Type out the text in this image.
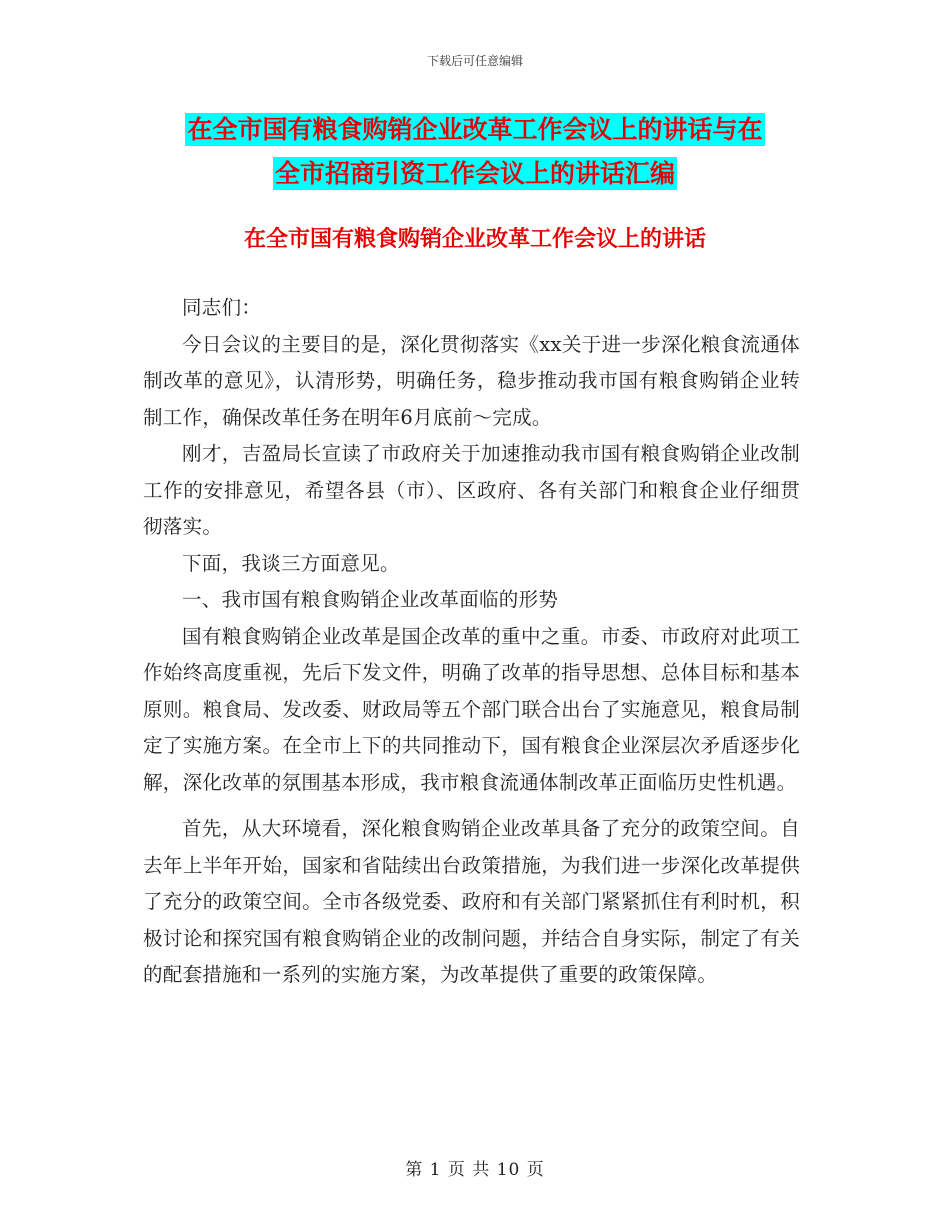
下载后可任意编辑
在全市国有粮食购销企业改革工作会议上的讲话与在
全市招商引资工作会议上的讲话汇编
在全市国有粮食购销企业改革工作会议上的讲话

同志们：

今日会议的主要目的是，深化贯彻落实《xx关于进一步深化粮食流通体制改革的意见》，认清形势，明确任务，稳步推动我市国有粮食购销企业转制工作，确保改革任务在明年6月底前～完成。

刚才，吉盈局长宣读了市政府关于加速推动我市国有粮食购销企业改制工作的安排意见，希望各县（市）、区政府、各有关部门和粮食企业仔细贯彻落实。

下面，我谈三方面意见。

一、我市国有粮食购销企业改革面临的形势

国有粮食购销企业改革是国企改革的重中之重。市委、市政府对此项工作始终高度重视，先后下发文件，明确了改革的指导思想、总体目标和基本原则。粮食局、发改委、财政局等五个部门联合出台了实施意见，粮食局制定了实施方案。在全市上下的共同推动下，国有粮食企业深层次矛盾逐步化解，深化改革的氛围基本形成，我市粮食流通体制改革正面临历史性机遇。

首先，从大环境看，深化粮食购销企业改革具备了充分的政策空间。自去年上半年开始，国家和省陆续出台政策措施，为我们进一步深化改革提供了充分的政策空间。全市各级党委、政府和有关部门紧紧抓住有利时机，积极讨论和探究国有粮食购销企业的改制问题，并结合自身实际，制定了有关的配套措施和一系列的实施方案，为改革提供了重要的政策保障。

第 1 页 共 10 页
